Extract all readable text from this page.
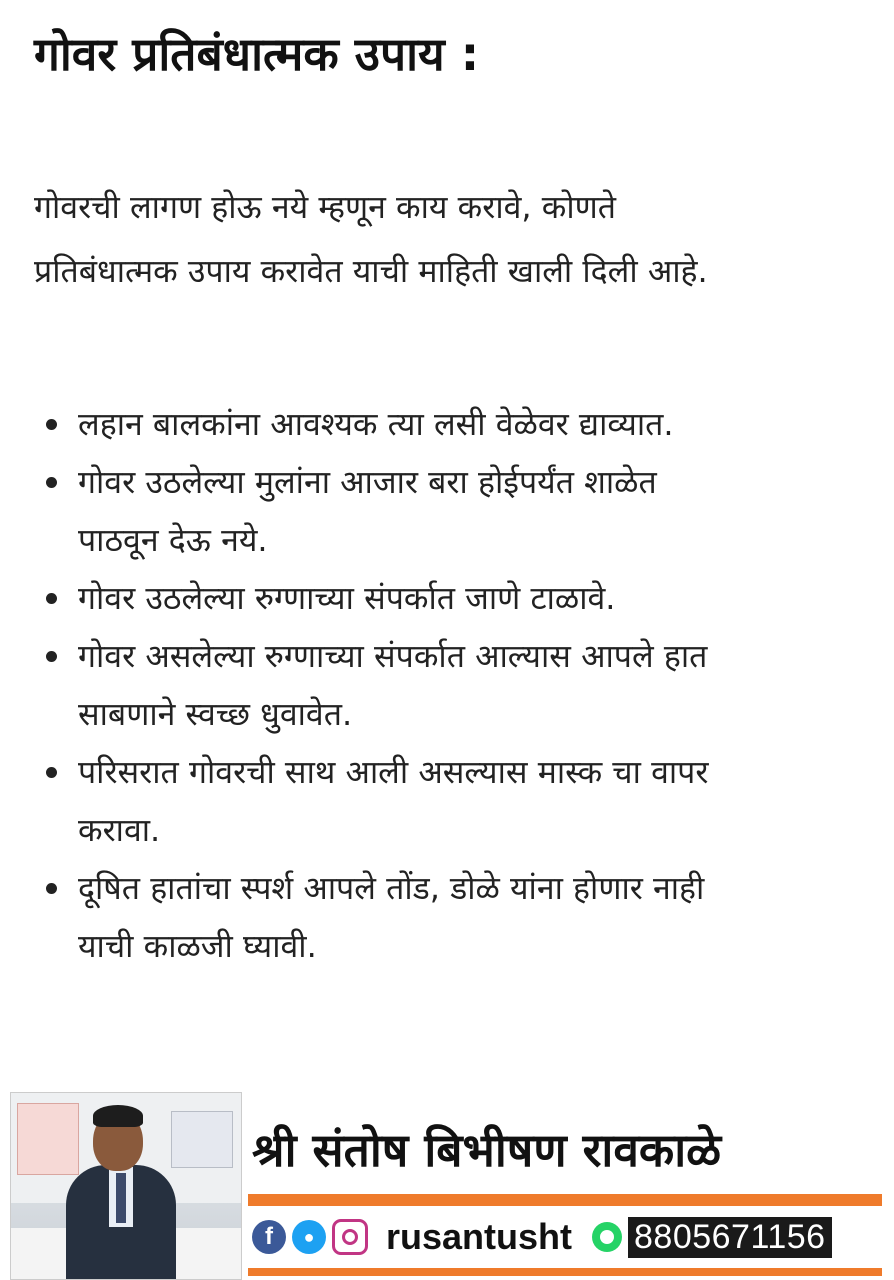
गोवर प्रतिबंधात्मक उपाय :

गोवरची लागण होऊ नये म्हणून काय करावे, कोणते

प्रतिबंधात्मक उपाय करावेत याची माहिती खाली दिली आहे.

लहान बालकांना आवश्यक त्या लसी वेळेवर द्याव्यात.
गोवर उठलेल्या मुलांना आजार बरा होईपर्यंत शाळेत
पाठवून देऊ नये.
गोवर उठलेल्या रुग्णाच्या संपर्कात जाणे टाळावे.
गोवर असलेल्या रुग्णाच्या संपर्कात आल्यास आपले हात
साबणाने स्वच्छ धुवावेत.
परिसरात गोवरची साथ आली असल्यास मास्क चा वापर
करावा.
दूषित हातांचा स्पर्श आपले तोंड, डोळे यांना होणार नाही
याची काळजी घ्यावी.
श्री संतोष बिभीषण रावकाळे
f	●	rusantusht 8805671156
